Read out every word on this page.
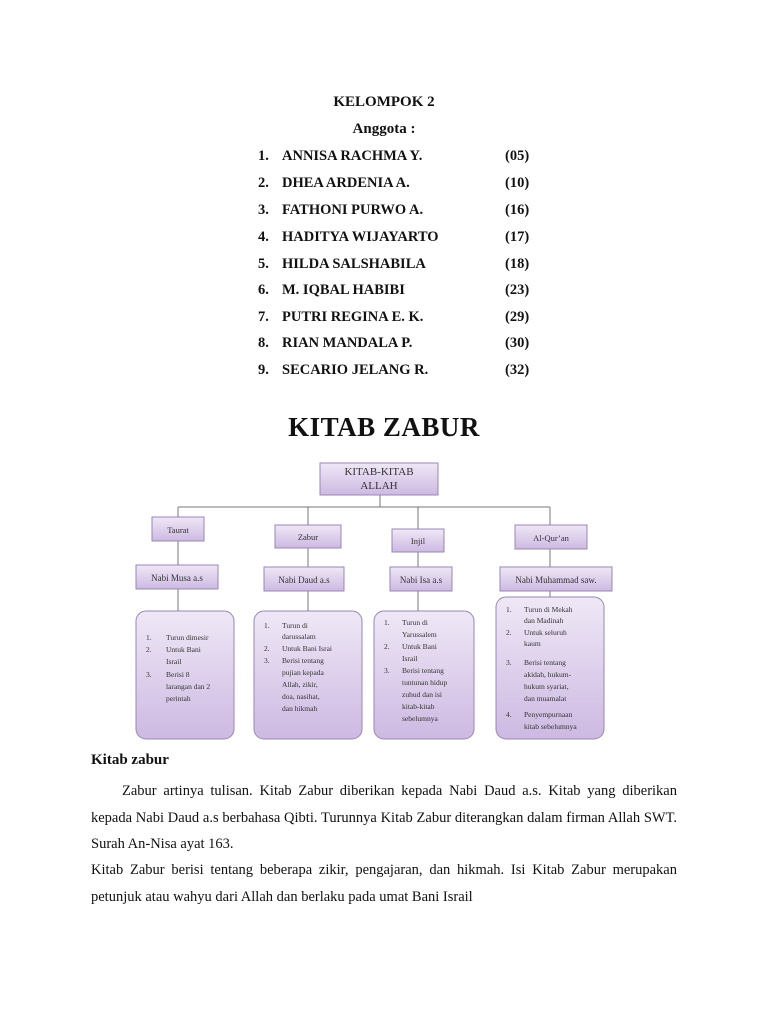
KELOMPOK 2
Anggota :
1. ANNISA RACHMA Y.	(05)
2. DHEA ARDENIA A.	(10)
3. FATHONI PURWO A.	(16)
4. HADITYA WIJAYARTO	(17)
5. HILDA SALSHABILA	(18)
6. M. IQBAL HABIBI	(23)
7. PUTRI REGINA E. K.	(29)
8. RIAN MANDALA P.	(30)
9. SECARIO JELANG R.	(32)
KITAB ZABUR
KITAB-KITAB
ALLAH
Taurat
Zabur	Injil	Al-Qur’an
Nabi Musa a.s	Nabi Daud a.s	Nabi Isa a.s	Nabi Muhammad saw.
1. Turun dimesir
2. Untuk Bani
Israil
3. Berisi 8
larangan dan 2
perintah
1. Turun di
darussalam
2. Untuk Bani Israi
3. Berisi tentang
pujian kepada
Allah, zikir,
doa, nasihat,
dan hikmah
1. Turun di
Yarussalem
2. Untuk Bani
Israil
3. Berisi tentang
tuntunan hidup
zuhud dan isi
kitab-kitab
sebelumnya
1. Turun di Mekah
dan Madinah
2. Untuk seluruh
kaum
3. Berisi tentang
akidah, hukum-
hukum syariat,
dan muamalat
4. Penyempurnaan
kitab sebelumnya
Kitab zabur

Zabur artinya tulisan. Kitab Zabur diberikan kepada Nabi Daud a.s. Kitab yang diberikan kepada Nabi Daud a.s berbahasa Qibti. Turunnya Kitab Zabur diterangkan dalam firman Allah SWT. Surah An-Nisa ayat 163.

Kitab Zabur berisi tentang beberapa zikir, pengajaran, dan hikmah. Isi Kitab Zabur merupakan petunjuk atau wahyu dari Allah dan berlaku pada umat Bani Israil
